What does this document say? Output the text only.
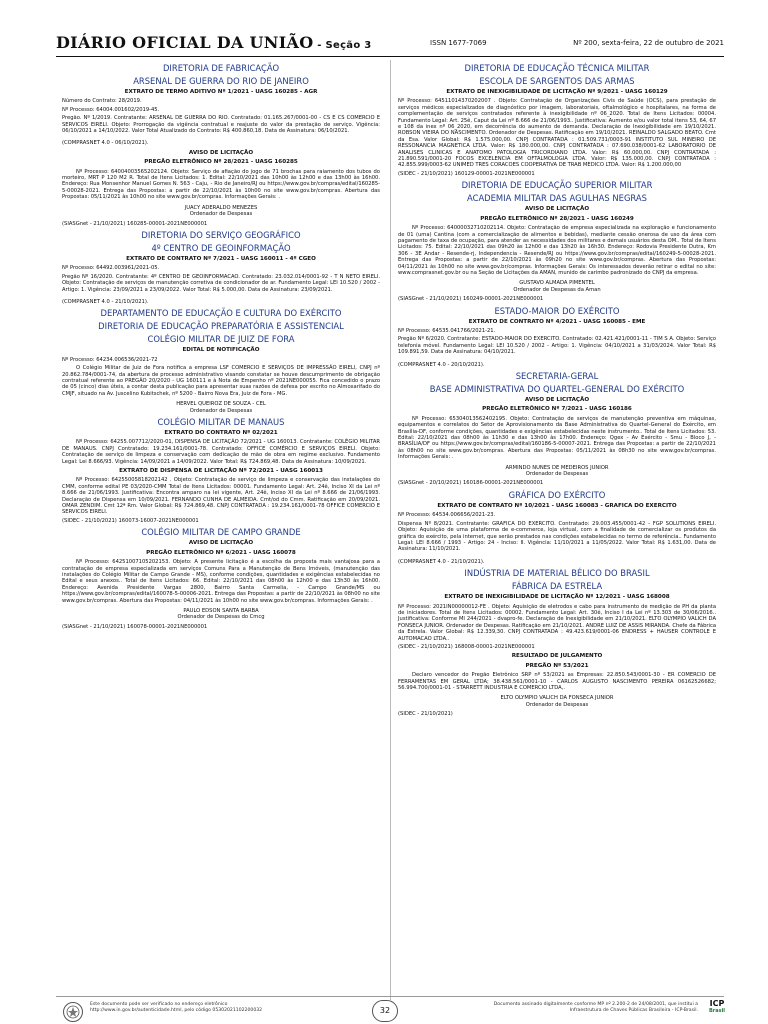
DIÁRIO OFICIAL DA UNIÃO - Seção 3	ISSN 1677-7069	Nº 200, sexta-feira, 22 de outubro de 2021
DIRETORIA DE FABRICAÇÃO
ARSENAL DE GUERRA DO RIO DE JANEIRO
EXTRATO DE TERMO ADITIVO Nº 1/2021 - UASG 160285 - AGR
Número do Contrato: 28/2019.
Nº Processo: 64004.001602/2019-45.
Pregão. Nº 1/2019. Contratante: ARSENAL DE GUERRA DO RIO. Contratado: 01.165.267/0001-00 - CS E CS COMERCIO E SERVICOS EIRELI. Objeto: Prorrogação da vigência contratual e reajuste do valor da prestação de serviço. Vigência: 06/10/2021 a 14/10/2022. Valor Total Atualizado do Contrato: R$ 400.860,18. Data de Assinatura: 06/10/2021.
(COMPRASNET 4.0 - 06/10/2021).
AVISO DE LICITAÇÃO
PREGÃO ELETRÔNICO Nº 28/2021 - UASG 160285
Nº Processo: 64004003565202124. Objeto: Serviço de afiação do jogo de 71 brochas para raiamento dos tubos do morteiro, MRT P 120 M2 R. Total de Itens Licitados: 1. Edital: 22/10/2021 das 10h00 às 12h00 e das 13h00 às 16h00. Endereço: Rua Monsenhor Manuel Gomes N. 563 - Caju, - Rio de Janeiro/RJ ou https://www.gov.br/compras/edital/160285-5-00028-2021. Entrega das Propostas: a partir de 22/10/2021 às 10h00 no site www.gov.br/compras. Abertura das Propostas: 05/11/2021 às 10h00 no site www.gov.br/compras. Informações Gerais: .
JUACY ADERALDO MENEZES
Ordenador de Despesas
(SIASGnet - 21/10/2021) 160285-00001-2021NE000001
DIRETORIA DO SERVIÇO GEOGRÁFICO
4º CENTRO DE GEOINFORMAÇÃO
EXTRATO DE CONTRATO Nº 7/2021 - UASG 160011 - 4º CGEO
Nº Processo: 64492.003961/2021-05.
Pregão Nº 16/2020. Contratante: 4º CENTRO DE GEOINFORMACAO. Contratado: 23.032.014/0001-92 - T N NETO EIRELI. Objeto: Contratação de serviços de manutenção corretiva de condicionador de ar. Fundamento Legal: LEI 10.520 / 2002 - Artigo: 1. Vigência: 23/09/2021 a 23/09/2022. Valor Total: R$ 5.000,00. Data de Assinatura: 23/09/2021.
(COMPRASNET 4.0 - 21/10/2021).
DEPARTAMENTO DE EDUCAÇÃO E CULTURA DO EXÉRCITO
DIRETORIA DE EDUCAÇÃO PREPARATÓRIA E ASSISTENCIAL
COLÉGIO MILITAR DE JUIZ DE FORA
EDITAL DE NOTIFICAÇÃO
Nº Processo: 64234.006536/2021-72
O Colégio Militar de Juiz de Fora notifica a empresa LSF COMERCIO E SERVIÇOS DE IMPRESSÃO EIRELI, CNPJ nº 20.862.784/0001-74, da abertura de processo administrativo visando constatar se houve descumprimento de obrigação contratual referente ao PREGÃO 20/2020 - UG 160111 e à Nota de Empenho nº 2021NE000055. Fica concedido o prazo de 05 (cinco) dias úteis, a contar desta publicação para apresentar suas razões de defesa por escrito no Almoxarifado do CMJF, situado na Av. Juscelino Kubitschek, nº 5200 - Bairro Nova Era, Juiz de Fora - MG.
HERVEL QUEIROZ DE SOUZA - CEL
Ordenador de Despesas
COLÉGIO MILITAR DE MANAUS
EXTRATO DO CONTRATO Nº 02/2021
Nº Processo: 64255.007712/2020-01, DISPENSA DE LICITAÇÃO 72/2021 - UG 160013. Contratante: COLÉGIO MILITAR DE MANAUS. CNPJ Contratado: 19.234.161/0001-78. Contratado: OFFICE COMÉRCIO E SERVIÇOS EIRELI. Objeto: Contratação de serviço de limpeza e conservação com dedicação de mão de obra em regime exclusivo. Fundamento Legal: Lei 8.666/93. Vigência: 14/09/2021 a 14/09/2022. Valor Total: R$ 724.869,48. Data de Assinatura: 10/09/2021.
EXTRATO DE DISPENSA DE LICITAÇÃO Nº 72/2021 - UASG 160013
Nº Processo: 64255005818202142 . Objeto: Contratação de serviço de limpeza e conservação das instalações do CMM, conforme edital PE 03/2020-CMM Total de Itens Licitados: 00001. Fundamento Legal: Art. 24ê, Inciso XI da Lei nº 8.666 de 21/06/1993. Justificativa: Encontra amparo na lei vigente, Art. 24ê, Inciso XI da Lei nº 8.666 de 21/06/1993. Declaração de Dispensa em 10/09/2021. FERNANDO CUNHA DE ALMEIDA. Cmt/od do Cmm. Ratificação em 20/09/2021. OMAR ZENDIM. Cmt 12ª Rm. Valor Global: R$ 724.869,48. CNPJ CONTRATADA : 19.234.161/0001-78 OFFICE COMERCIO E SERVICOS EIRELI.
(SIDEC - 21/10/2021) 160073-16007-2021NE000001
COLÉGIO MILITAR DE CAMPO GRANDE
AVISO DE LICITAÇÃO
PREGÃO ELETRÔNICO Nº 6/2021 - UASG 160078
Nº Processo: 64251007105202153. Objeto: A presente licitação é a escolha da proposta mais vantajosa para a contratação de empresa especializada em serviços Comuns Para a Manutenção de Bens Imóveis, (manutenção das instalações do Colégio Militar de Campo Grande - MS), conforme condições, quantidades e exigências estabelecidas no Edital e seus anexos.. Total de Itens Licitados: 66. Edital: 22/10/2021 das 08h00 às 12h00 e das 13h30 às 16h00. Endereço: Avenida Presidente Vargas 2800, Bairro Santa Carmelia, - Campo Grande/MS ou https://www.gov.br/compras/edital/160078-5-00006-2021. Entrega das Propostas: a partir de 22/10/2021 às 08h00 no site www.gov.br/compras. Abertura das Propostas: 04/11/2021 às 10h00 no site www.gov.br/compras. Informações Gerais: .
PAULO EDSON SANTA BARBA
Ordenador de Despesas do Cmcg
(SIASGnet - 21/10/2021) 160078-00001-2021NE000001
DIRETORIA DE EDUCAÇÃO TÉCNICA MILITAR
ESCOLA DE SARGENTOS DAS ARMAS
EXTRATO DE INEXIGIBILIDADE DE LICITAÇÃO Nº 9/2021 - UASG 160129
Nº Processo: 64511014370202007 . Objeto: Contratação de Organizações Civis de Saúde (OCS), para prestação de serviços médicos especializados de diagnóstico por imagem, laboratoriais, oftalmológico e hospitalares, na forma de complementação de serviços contratados referente à inexigibilidade nº 06_2020. Total de Itens Licitados: 00004. Fundamento Legal: Art. 25ê, Caput da Lei nº 8.666 de 21/06/1993.. Justificativa: Aumento e/ou valor total itens 53, 64, 67 e 108 da inex nº 06_2020, em decorrência do aumento de demanda. Declaração de Inexigibilidade em 19/10/2021. ROBSON VIEIRA DO NASCIMENTO. Ordenador de Despesas. Ratificação em 19/10/2021. REINALDO SALGADO BEATO. Cmt da Esa. Valor Global: R$ 1.575.000,00. CNPJ CONTRATADA : 01.509.731/0003-91 INSTITUTO SUL MINEIRO DE RESSONANCIA MAGNETICA LTDA. Valor: R$ 180.000,00. CNPJ CONTRATADA : 07.690.038/0001-62 LABORATORIO DE ANALISES CLINICAS E ANATOMO PATOLOGIA TRICORDIANO LTDA. Valor: R$ 60.000,00. CNPJ CONTRATADA : 21.890.591/0001-20 FOCOS EXCELENCIA EM OFTALMOLOGIA LTDA. Valor: R$ 135.000,00. CNPJ CONTRATADA : 42.855.999/0003-62 UNIMED TRES CORACOES COOPERATIVA DE TRAB MEDICO LTDA. Valor: R$ 1.200.000,00
(SIDEC - 21/10/2021) 160129-00001-2021NE000001
DIRETORIA DE EDUCAÇÃO SUPERIOR MILITAR
ACADEMIA MILITAR DAS AGULHAS NEGRAS
AVISO DE LICITAÇÃO
PREGÃO ELETRÔNICO Nº 28/2021 - UASG 160249
Nº Processo: 64000032710202114. Objeto: Contratação de empresa especializada na exploração e funcionamento de 01 (uma) Cantina (com a comercialização de alimentos e bebidas), mediante cessão onerosa de uso da área com pagamento de taxa de ocupação, para atender as necessidades dos militares e demais usuários desta OM.. Total de Itens Licitados: 75. Edital: 22/10/2021 das 09h20 às 12h00 e das 13h20 às 16h30. Endereço: Rodovia Presidente Dutra, Km 306 - 3E Andar - Resende-rj, Independencia - Resende/RJ ou https://www.gov.br/compras/edital/160249-5-00028-2021. Entrega das Propostas: a partir de 22/10/2021 às 09h20 no site www.gov.br/compras. Abertura das Propostas: 04/11/2021 às 10h00 no site www.gov.br/compras. Informações Gerais: Os interessados deverão retirar o edital no site: www.comprasnet.gov.br ou na Seção de Licitações da AMAN, munido de carimbo padronizado do CNPJ da empresa.
GUSTAVO ALMADA PIMENTEL
Ordenador de Despesas da Aman
(SIASGnet - 21/10/2021) 160249-00001-2021NE000001
ESTADO-MAIOR DO EXÉRCITO
EXTRATO DE CONTRATO Nº 4/2021 - UASG 160085 - EME
Nº Processo: 64535.041766/2021-21.
Pregão Nº 6/2020. Contratante: ESTADO-MAIOR DO EXERCITO. Contratado: 02.421.421/0001-11 - TIM S A. Objeto: Serviço telefonia móvel. Fundamento Legal: LEI 10.520 / 2002 - Artigo: 1. Vigência: 04/10/2021 a 31/03/2024. Valor Total: R$ 109.891,59. Data de Assinatura: 04/10/2021.
(COMPRASNET 4.0 - 20/10/2021).
SECRETARIA-GERAL
BASE ADMINISTRATIVA DO QUARTEL-GENERAL DO EXÉRCITO
AVISO DE LICITAÇÃO
PREGÃO ELETRÔNICO Nº 7/2021 - UASG 160186
Nº Processo: 65304013562402195. Objeto: Contratação de serviços de manutenção preventiva em máquinas, equipamentos e correlatos do Setor de Aprovisionamento da Base Administrativa do Quartel-General do Exército, em Brasília-DF, conforme condições, quantidades e exigências estabelecidas neste instrumento.. Total de Itens Licitados: 53. Edital: 22/10/2021 das 08h00 às 11h30 e das 13h00 às 17h00. Endereço: Qgex - Av Exército - Smu - Bloco J, - BRASÍLIA/DF ou https://www.gov.br/compras/edital/160186-5-00007-2021. Entrega das Propostas: a partir de 22/10/2021 às 08h00 no site www.gov.br/compras. Abertura das Propostas: 05/11/2021 às 08h30 no site www.gov.br/compras. Informações Gerais: .
ARMINDO NUNES DE MEDEIROS JUNIOR
Ordenador de Despesas
(SIASGnet - 20/10/2021) 160186-00001-2021NE000001
GRÁFICA DO EXÉRCITO
EXTRATO DE CONTRATO Nº 10/2021 - UASG 160083 - GRAFICA DO EXERCITO
Nº Processo: 64534.006656/2021-23.
Dispensa Nº 8/2021. Contratante: GRAFICA DO EXERCITO. Contratado: 29.003.455/0001-42 - FGP SOLUTIONS EIRELI. Objeto: Aquisição de uma plataforma de e-commerce, loja virtual, com a finalidade de comercializar os produtos da gráfica do exército, pela internet, que serão prestados nas condições estabelecidas no termo de referência.. Fundamento Legal: LEI 8.666 / 1993 - Artigo: 24 - Inciso: II. Vigência: 11/10/2021 a 11/05/2022. Valor Total: R$ 1.631,00. Data de Assinatura: 11/10/2021.
(COMPRASNET 4.0 - 21/10/2021).
INDÚSTRIA DE MATERIAL BÉLICO DO BRASIL
FÁBRICA DA ESTRELA
EXTRATO DE INEXIGIBILIDADE DE LICITAÇÃO Nº 12/2021 - UASG 168008
Nº Processo: 2021IN00000012-FE . Objeto: Aquisição de eletrodos e cabo para instrumento de medição de PH da planta de iniciadores. Total de Itens Licitados: 00002. Fundamento Legal: Art. 30ê, Inciso I da Lei nº 13.303 de 30/06/2016.. Justificativa: Conforme MI 244/2021 - dvapro-fe. Declaração de Inexigibilidade em 21/10/2021. ELTO OLYMPIO VALICH DA FONSECA JUNIOR. Ordenador de Despesas. Ratificação em 21/10/2021. ANDRE LUIZ DE ASSIS MIRANDA. Chefe da Fábrica da Estrela. Valor Global: R$ 12.339,30. CNPJ CONTRATADA : 49.423.619/0001-06 ENDRESS + HAUSER CONTROLE E AUTOMACAO LTDA..
(SIDEC - 21/10/2021) 168008-00001-2021NE000001
RESULTADO DE JULGAMENTO
PREGÃO Nº 53/2021
Declaro vencedor do Pregão Eletrônico SRP nº 53/2021 as Empresas: 22.850.543/0001-30 - ER COMERCIO DE FERRAMENTAS EM GERAL LTDA; 38.438.561/0001-10 - CARLOS AUGUSTO NASCIMENTO PEREIRA 06162526682; 56.994.700/0001-01 - STARRETT INDUSTRIA E COMERCIO LTDA,.
ELTO OLYMPIO VALICH DA FONSECA JUNIOR
Ordenador de Despesas
(SIDEC - 21/10/2021)
Este documento pode ser verificado no endereço eletrônico http://www.in.gov.br/autenticidade.html, pelo código 05302021102200032	32
Documento assinado digitalmente conforme MP nº 2.200-2 de 24/08/2001, que institui a Infraestrutura de Chaves Públicas Brasileira - ICP-Brasil.
ICP
Brasil
